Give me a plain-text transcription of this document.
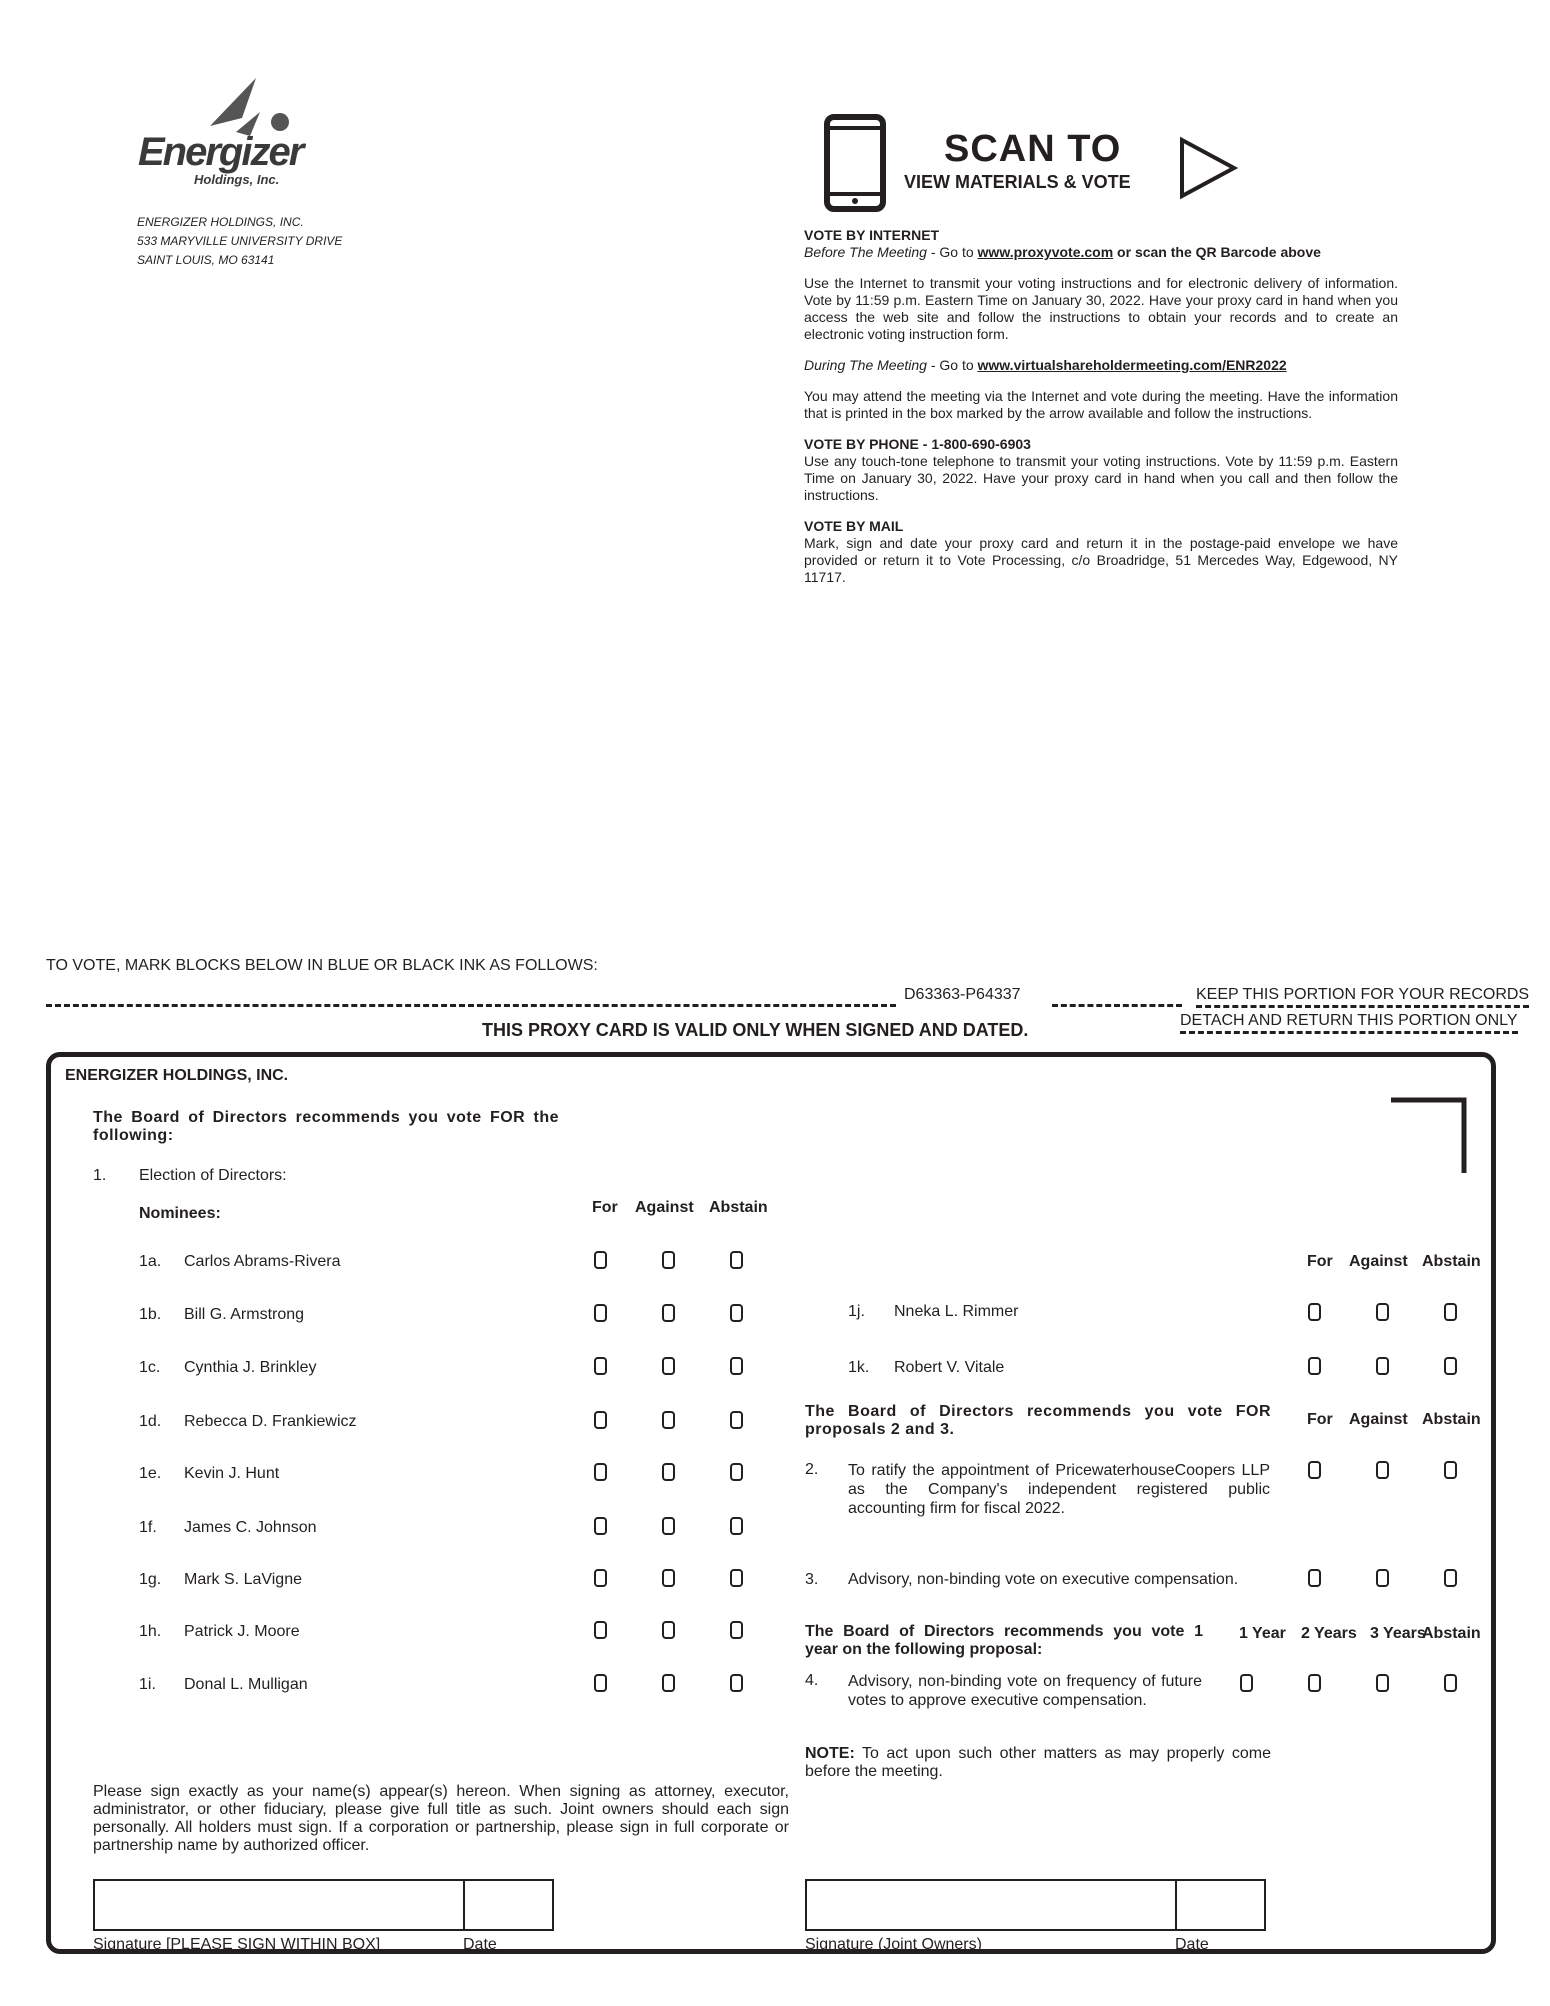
Energizer
Holdings, Inc.
ENERGIZER HOLDINGS, INC.
533 MARYVILLE UNIVERSITY DRIVE
SAINT LOUIS, MO 63141
SCAN TO
VIEW MATERIALS & VOTE
VOTE BY INTERNET
Before The Meeting - Go to www.proxyvote.com or scan the QR Barcode above

Use the Internet to transmit your voting instructions and for electronic delivery of information. Vote by 11:59 p.m. Eastern Time on January 30, 2022. Have your proxy card in hand when you access the web site and follow the instructions to obtain your records and to create an electronic voting instruction form.

During The Meeting - Go to www.virtualshareholdermeeting.com/ENR2022

You may attend the meeting via the Internet and vote during the meeting. Have the information that is printed in the box marked by the arrow available and follow the instructions.

VOTE BY PHONE - 1-800-690-6903

Use any touch-tone telephone to transmit your voting instructions. Vote by 11:59 p.m. Eastern Time on January 30, 2022. Have your proxy card in hand when you call and then follow the instructions.

VOTE BY MAIL

Mark, sign and date your proxy card and return it in the postage-paid envelope we have provided or return it to Vote Processing, c/o Broadridge, 51 Mercedes Way, Edgewood, NY 11717.

TO VOTE, MARK BLOCKS BELOW IN BLUE OR BLACK INK AS FOLLOWS:
D63363-P64337	KEEP THIS PORTION FOR YOUR RECORDS
DETACH AND RETURN THIS PORTION ONLY
THIS PROXY CARD IS VALID ONLY WHEN SIGNED AND DATED.
ENERGIZER HOLDINGS, INC.
The Board of Directors recommends you vote FOR the following:
1. Election of Directors:
Nominees:	For Against Abstain
1a. Carlos Abrams-Rivera
1b. Bill G. Armstrong
1c. Cynthia J. Brinkley
1d. Rebecca D. Frankiewicz
1e. Kevin J. Hunt
1f. James C. Johnson
1g. Mark S. LaVigne
1h. Patrick J. Moore
1i. Donal L. Mulligan
For Against Abstain
1j. Nneka L. Rimmer
1k. Robert V. Vitale
The Board of Directors recommends you vote FOR proposals 2 and 3.
For Against Abstain
2. To ratify the appointment of PricewaterhouseCoopers LLP as the Company's independent registered public accounting firm for fiscal 2022.
3. Advisory, non-binding vote on executive compensation.
The Board of Directors recommends you vote 1 year on the following proposal:
1 Year 2 Years 3 Years
Abstain
4. Advisory, non-binding vote on frequency of future votes to approve executive compensation.
NOTE: To act upon such other matters as may properly come before the meeting.
Please sign exactly as your name(s) appear(s) hereon. When signing as attorney, executor, administrator, or other fiduciary, please give full title as such. Joint owners should each sign personally. All holders must sign. If a corporation or partnership, please sign in full corporate or partnership name by authorized officer.
Signature [PLEASE SIGN WITHIN BOX]	Date	Signature (Joint Owners)	Date
